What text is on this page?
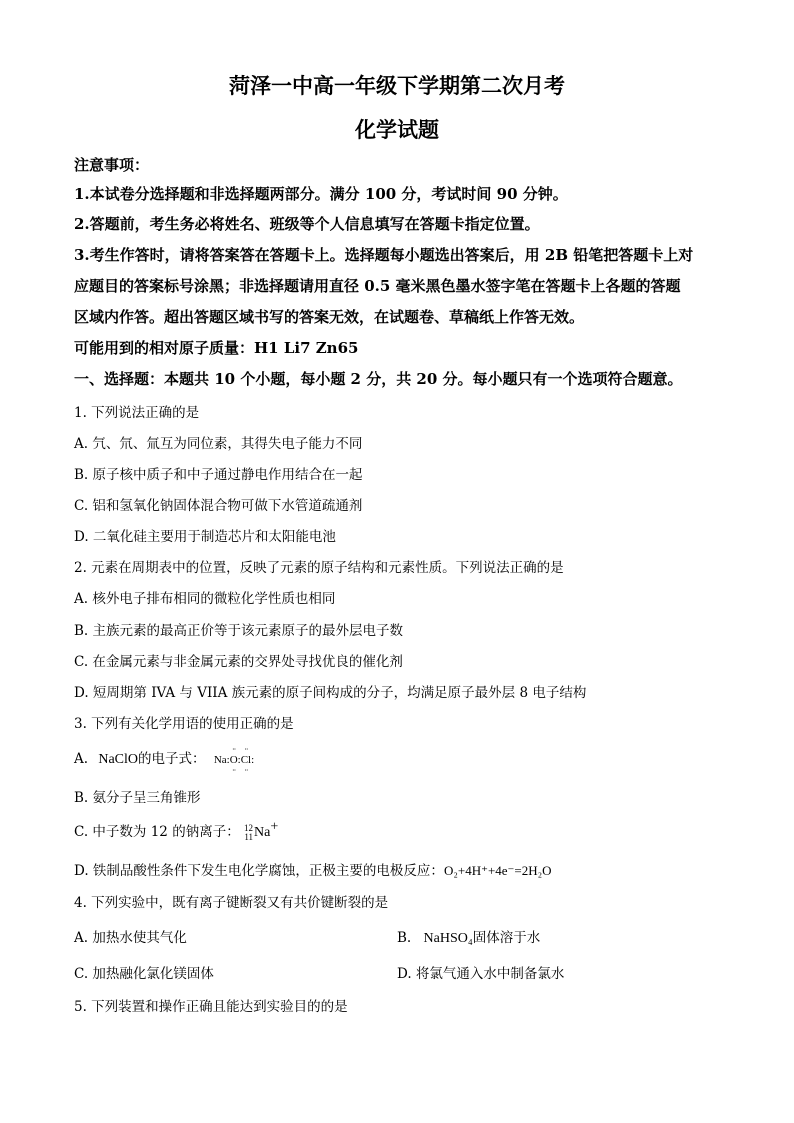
菏泽一中高一年级下学期第二次月考
化学试题
注意事项：
1.本试卷分选择题和非选择题两部分。满分 100 分，考试时间 90 分钟。
2.答题前，考生务必将姓名、班级等个人信息填写在答题卡指定位置。
3.考生作答时，请将答案答在答题卡上。选择题每小题选出答案后，用 2B 铅笔把答题卡上对
应题目的答案标号涂黑；非选择题请用直径 0.5 毫米黑色墨水签字笔在答题卡上各题的答题
区域内作答。超出答题区域书写的答案无效，在试题卷、草稿纸上作答无效。
可能用到的相对原子质量：H1 Li7 Zn65
一、选择题：本题共 10 个小题，每小题 2 分，共 20 分。每小题只有一个选项符合题意。
1. 下列说法正确的是
A. 氕、氘、氚互为同位素，其得失电子能力不同
B. 原子核中质子和中子通过静电作用结合在一起
C. 铝和氢氧化钠固体混合物可做下水管道疏通剂
D. 二氧化硅主要用于制造芯片和太阳能电池
2. 元素在周期表中的位置，反映了元素的原子结构和元素性质。下列说法正确的是
A. 核外电子排布相同的微粒化学性质也相同
B. 主族元素的最高正价等于该元素原子的最外层电子数
C. 在金属元素与非金属元素的交界处寻找优良的催化剂
D. 短周期第 IVA 与 VIIA 族元素的原子间构成的分子，均满足原子最外层 8 电子结构
3. 下列有关化学用语的使用正确的是
A. NaClO的电子式： Na:·· O ··:·· Cl ··:
B. 氨分子呈三角锥形
C. 中子数为 12 的钠离子： 12
11Na+
D. 铁制品酸性条件下发生电化学腐蚀，正极主要的电极反应：O₂+4H⁺+4e⁻=2H₂O
4. 下列实验中，既有离子键断裂又有共价键断裂的是
A. 加热水使其气化	B. NaHSO₄固体溶于水
C. 加热融化氯化镁固体	D. 将氯气通入水中制备氯水
5. 下列装置和操作正确且能达到实验目的的是
